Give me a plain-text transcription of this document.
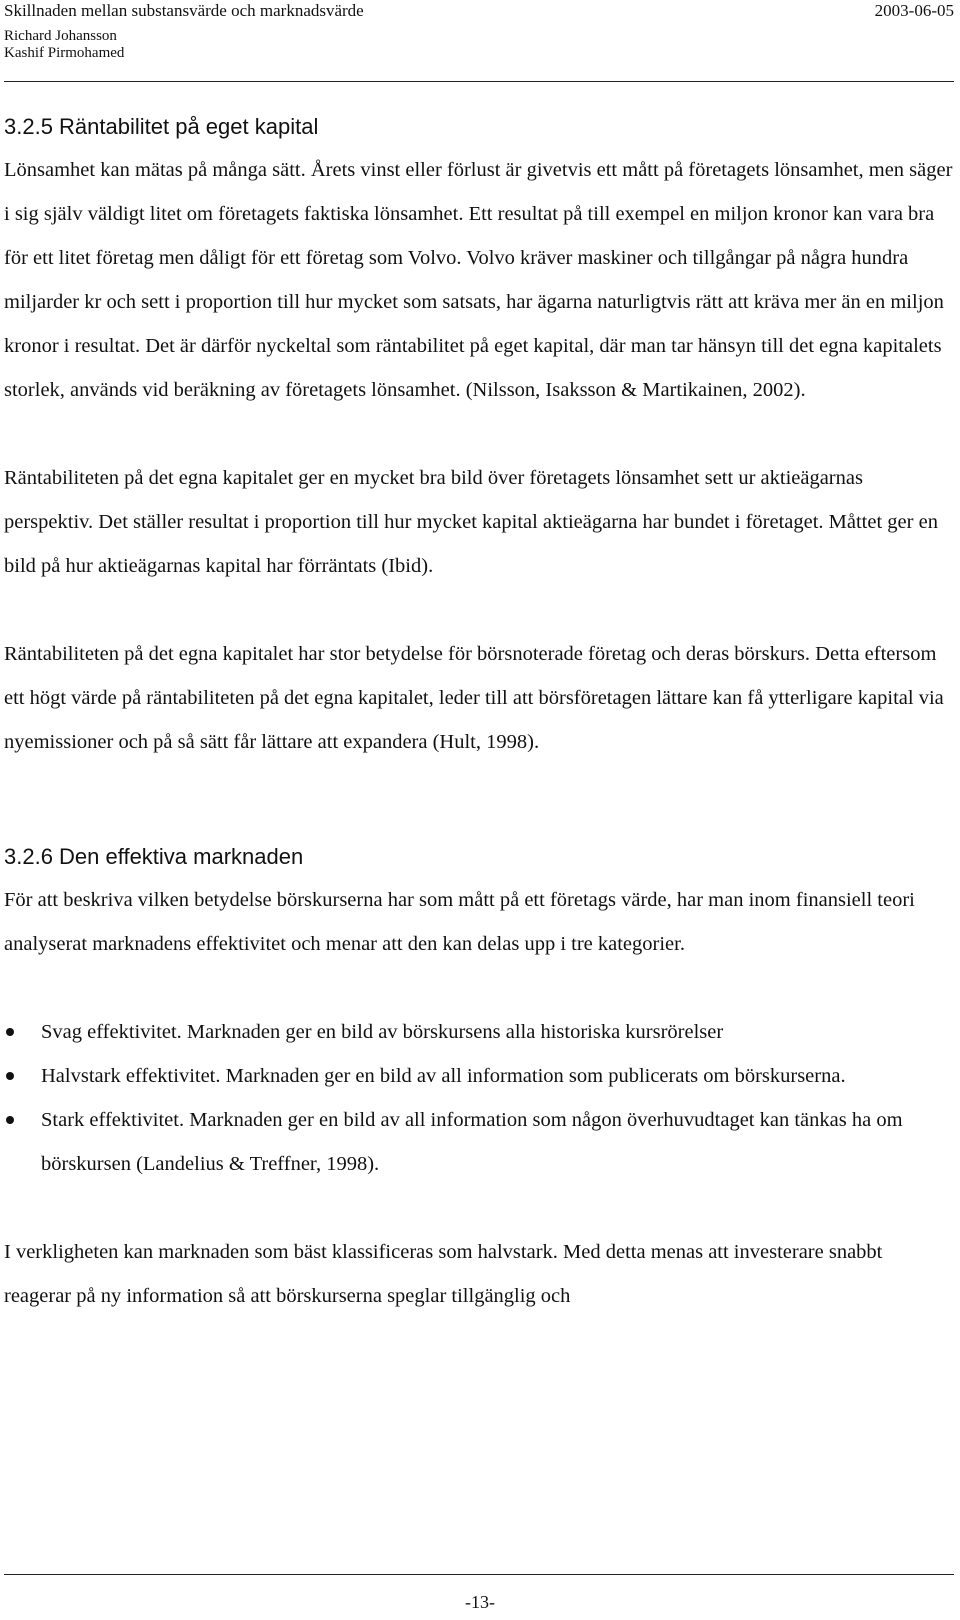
Skillnaden mellan substansvärde och marknadsvärde	2003-06-05
Richard Johansson
Kashif Pirmohamed
3.2.5 Räntabilitet på eget kapital

Lönsamhet kan mätas på många sätt. Årets vinst eller förlust är givetvis ett mått på företagets lönsamhet, men säger i sig själv väldigt litet om företagets faktiska lönsamhet. Ett resultat på till exempel en miljon kronor kan vara bra för ett litet företag men dåligt för ett företag som Volvo. Volvo kräver maskiner och tillgångar på några hundra miljarder kr och sett i proportion till hur mycket som satsats, har ägarna naturligtvis rätt att kräva mer än en miljon kronor i resultat. Det är därför nyckeltal som räntabilitet på eget kapital, där man tar hänsyn till det egna kapitalets storlek, används vid beräkning av företagets lönsamhet. (Nilsson, Isaksson & Martikainen, 2002).

Räntabiliteten på det egna kapitalet ger en mycket bra bild över företagets lönsamhet sett ur aktieägarnas perspektiv. Det ställer resultat i proportion till hur mycket kapital aktieägarna har bundet i företaget. Måttet ger en bild på hur aktieägarnas kapital har förräntats (Ibid).

Räntabiliteten på det egna kapitalet har stor betydelse för börsnoterade företag och deras börskurs. Detta eftersom ett högt värde på räntabiliteten på det egna kapitalet, leder till att börsföretagen lättare kan få ytterligare kapital via nyemissioner och på så sätt får lättare att expandera (Hult, 1998).

3.2.6 Den effektiva marknaden

För att beskriva vilken betydelse börskurserna har som mått på ett företags värde, har man inom finansiell teori analyserat marknadens effektivitet och menar att den kan delas upp i tre kategorier.

Svag effektivitet. Marknaden ger en bild av börskursens alla historiska kursrörelser
Halvstark effektivitet. Marknaden ger en bild av all information som publicerats om börskurserna.
Stark effektivitet. Marknaden ger en bild av all information som någon överhuvudtaget kan tänkas ha om börskursen (Landelius & Treffner, 1998).

I verkligheten kan marknaden som bäst klassificeras som halvstark. Med detta menas att investerare snabbt reagerar på ny information så att börskurserna speglar tillgänglig och

-13-
